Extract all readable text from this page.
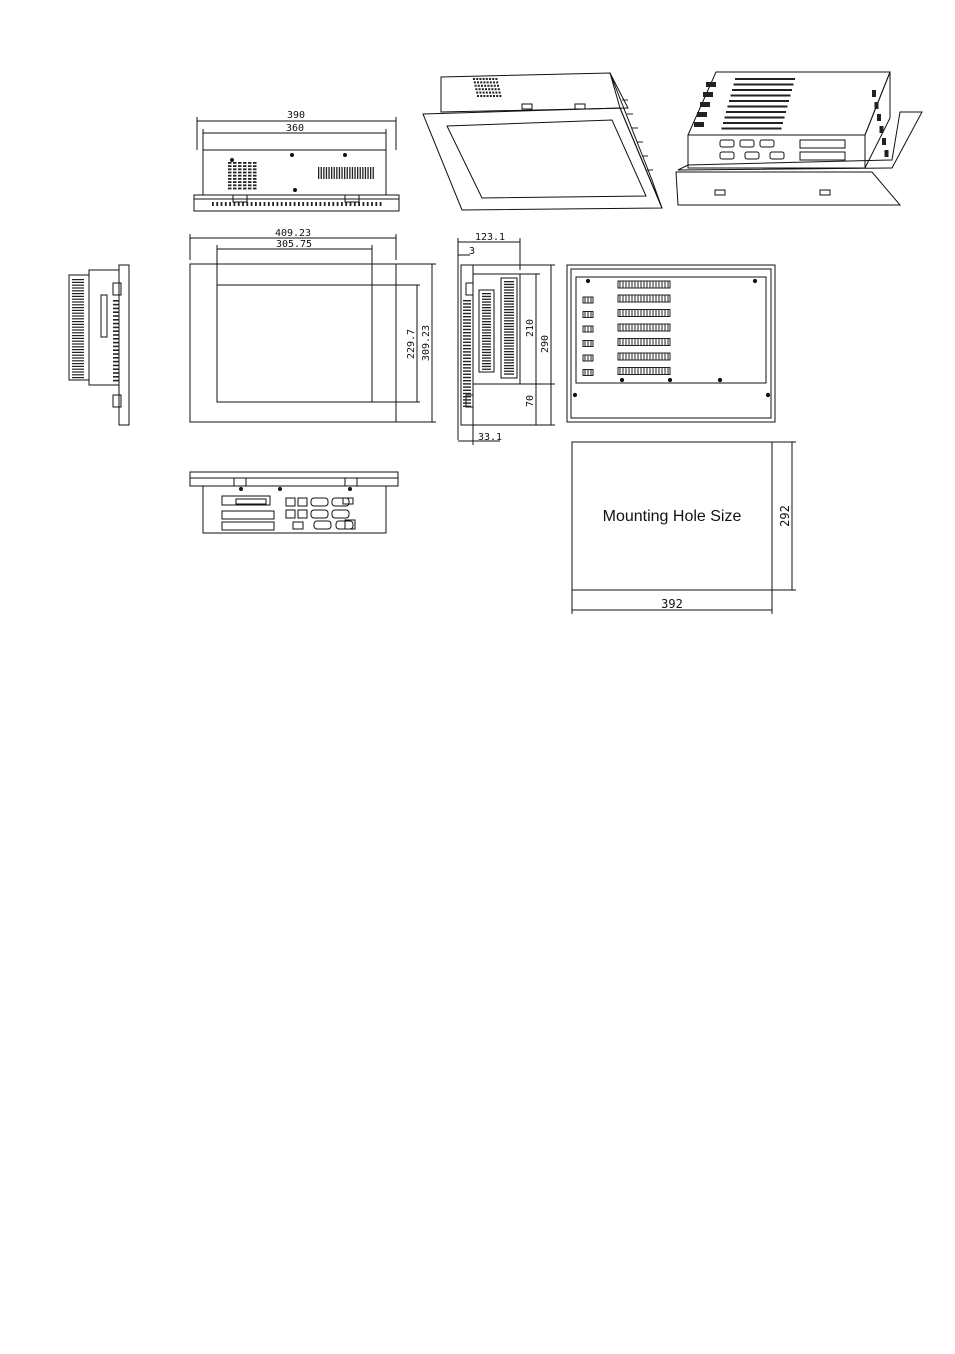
390
360
409.23
305.75
229.7 309.23
123.1
3
210
290
70
33.1
Mounting Hole Size	292
392
